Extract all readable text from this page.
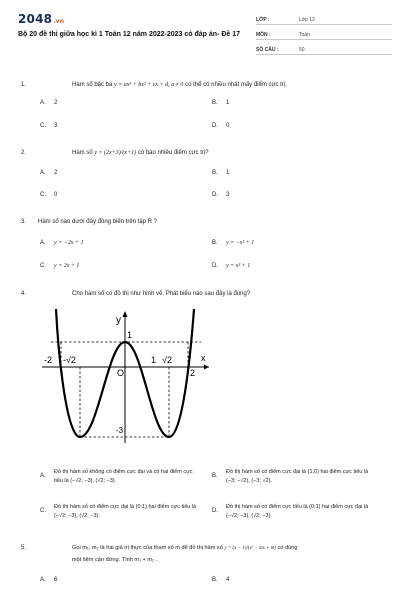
2048.vn
Bộ 20 đề thi giữa học kì 1 Toán 12 năm 2022-2023 có đáp án- Đề 17
LỚP :	Lớp 12
MÔN :	Toán
SỐ CÂU :	50
1.	Hàm số bậc ba y = ax³ + bx² + cx + d, a ≠ 0 có thể có nhiều nhất mấy điểm cực trị.
A. 2	B. 1
C. 3	D. 0
2.	Hàm số y = (2x+3)/(x+1) có bao nhiêu điểm cực trị?
A. 2	B. 1
C. 0	D. 3
3. Hàm số nào dưới đây đồng biến trên tập R ?
A. y = −2x + 1	B. y = −x² + 1
C. y = 2x + 1	D. y = x² + 1
4.	Cho hàm số có đồ thị như hình vẽ. Phát biểu nào sau đây là đúng?
-2 -√2
O
1 √2
2
x
y
1
-3
A.
Đồ thị hàm số không có điểm cực đại và có hai điểm cực tiểu là (−√2; −3), (√2; −3).
B.
Đồ thị hàm số có điểm cực đại là (1;0) hai điểm cực tiểu là (−3; −√2), (−3; √2).
C.
Đồ thị hàm số có điểm cực đại là (0;1) hai điểm cực tiểu là (−√2; −3), (√2; −3).
D.
Đồ thị hàm số có điểm cực tiểu là (0;1) hai điểm cực đại là (−√2; −3), (√2; −3).
5.	Gọi m₁, m₂ là hai giá trị thực của tham số m để đồ thị hàm số y = (x − 1)/(x² − mx + m) có đúng
một tiệm cận đứng. Tính m₁ + m₂ .
A. 6	B. 4
